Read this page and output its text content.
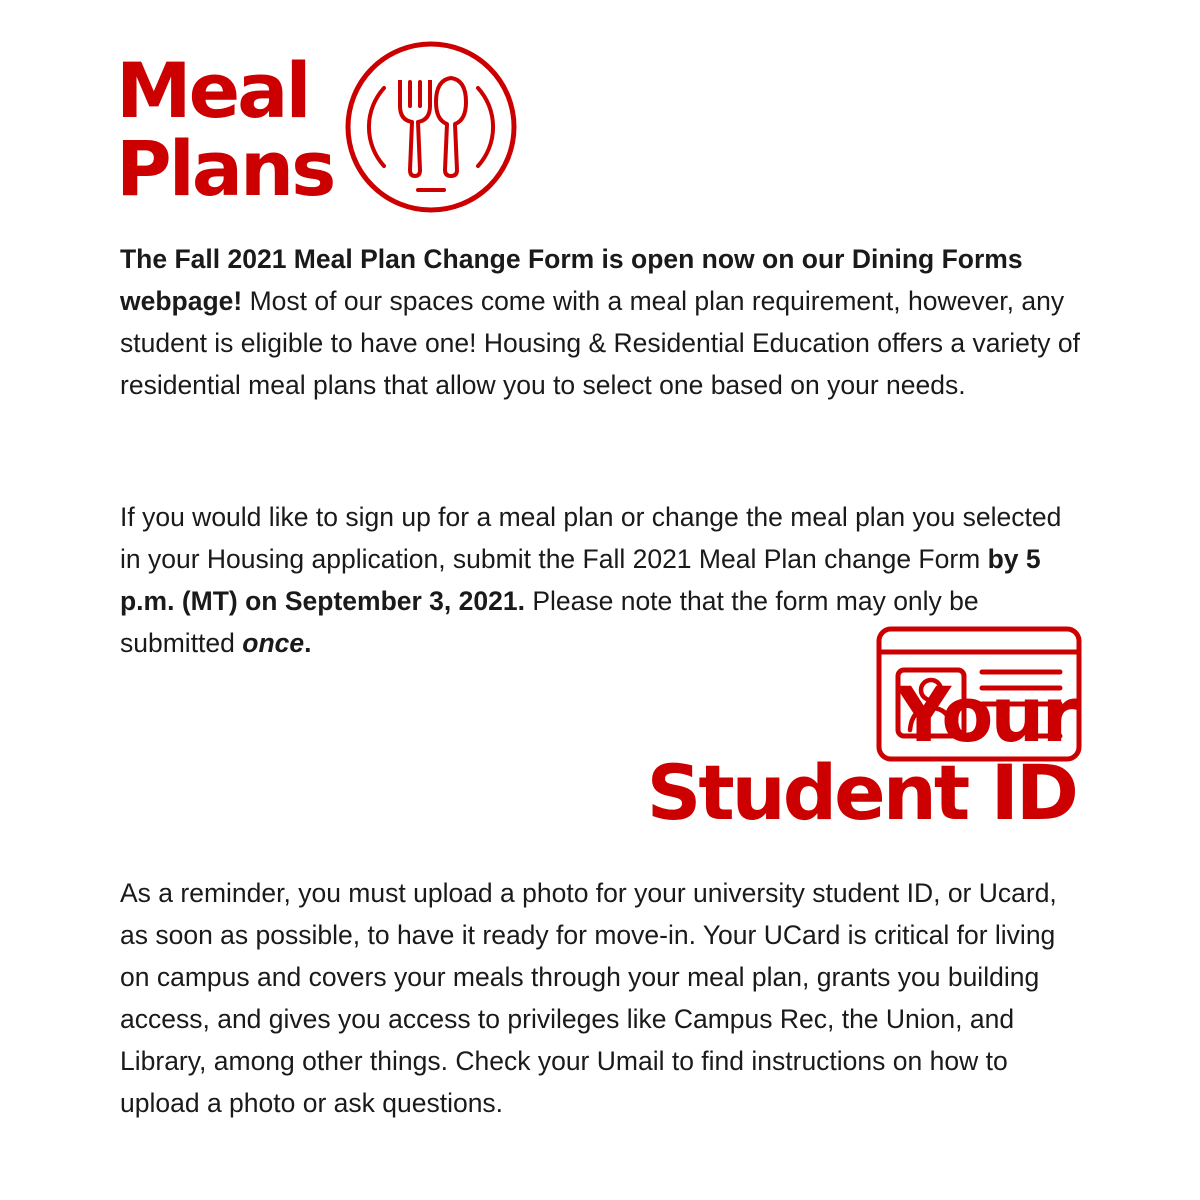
Meal
Plans

The Fall 2021 Meal Plan Change Form is open now on our Dining Forms webpage! Most of our spaces come with a meal plan requirement, however, any student is eligible to have one! Housing & Residential Education offers a variety of residential meal plans that allow you to select one based on your needs.

If you would like to sign up for a meal plan or change the meal plan you selected in your Housing application, submit the Fall 2021 Meal Plan change Form by 5 p.m. (MT) on September 3, 2021. Please note that the form may only be submitted once.

Your
Student ID

As a reminder, you must upload a photo for your university student ID, or Ucard, as soon as possible, to have it ready for move-in. Your UCard is critical for living on campus and covers your meals through your meal plan, grants you building access, and gives you access to privileges like Campus Rec, the Union, and Library, among other things. Check your Umail to find instructions on how to upload a photo or ask questions.
